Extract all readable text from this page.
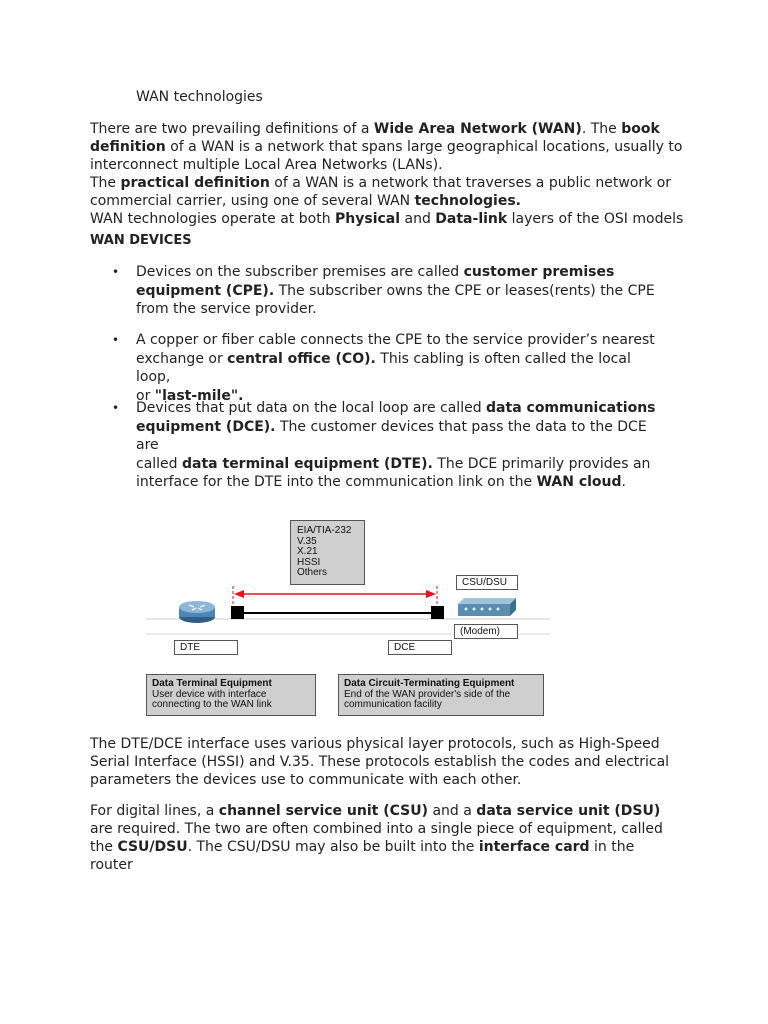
WAN technologies
There are two prevailing definitions of a Wide Area Network (WAN). The book
definition of a WAN is a network that spans large geographical locations, usually to
interconnect multiple Local Area Networks (LANs).
The practical definition of a WAN is a network that traverses a public network or
commercial carrier, using one of several WAN technologies.
WAN technologies operate at both Physical and Data-link layers of the OSI models
WAN DEVICES
•	Devices on the subscriber premises are called customer premises
equipment (CPE). The subscriber owns the CPE or leases(rents) the CPE
from the service provider.
•	A copper or fiber cable connects the CPE to the service provider’s nearest
exchange or central office (CO). This cabling is often called the local loop,
or "last-mile".
•	Devices that put data on the local loop are called data communications
equipment (DCE). The customer devices that pass the data to the DCE are
called data terminal equipment (DTE). The DCE primarily provides an
interface for the DTE into the communication link on the WAN cloud.
EIA/TIA-232
V.35
X.21
HSSI
Others
CSU/DSU
(Modem)
DTE	DCE
Data Terminal Equipment
User device with interface
connecting to the WAN link
Data Circuit-Terminating Equipment
End of the WAN provider's side of the
communication facility
The DTE/DCE interface uses various physical layer protocols, such as High-Speed
Serial Interface (HSSI) and V.35. These protocols establish the codes and electrical
parameters the devices use to communicate with each other.
For digital lines, a channel service unit (CSU) and a data service unit (DSU)
are required. The two are often combined into a single piece of equipment, called
the CSU/DSU. The CSU/DSU may also be built into the interface card in the
router
